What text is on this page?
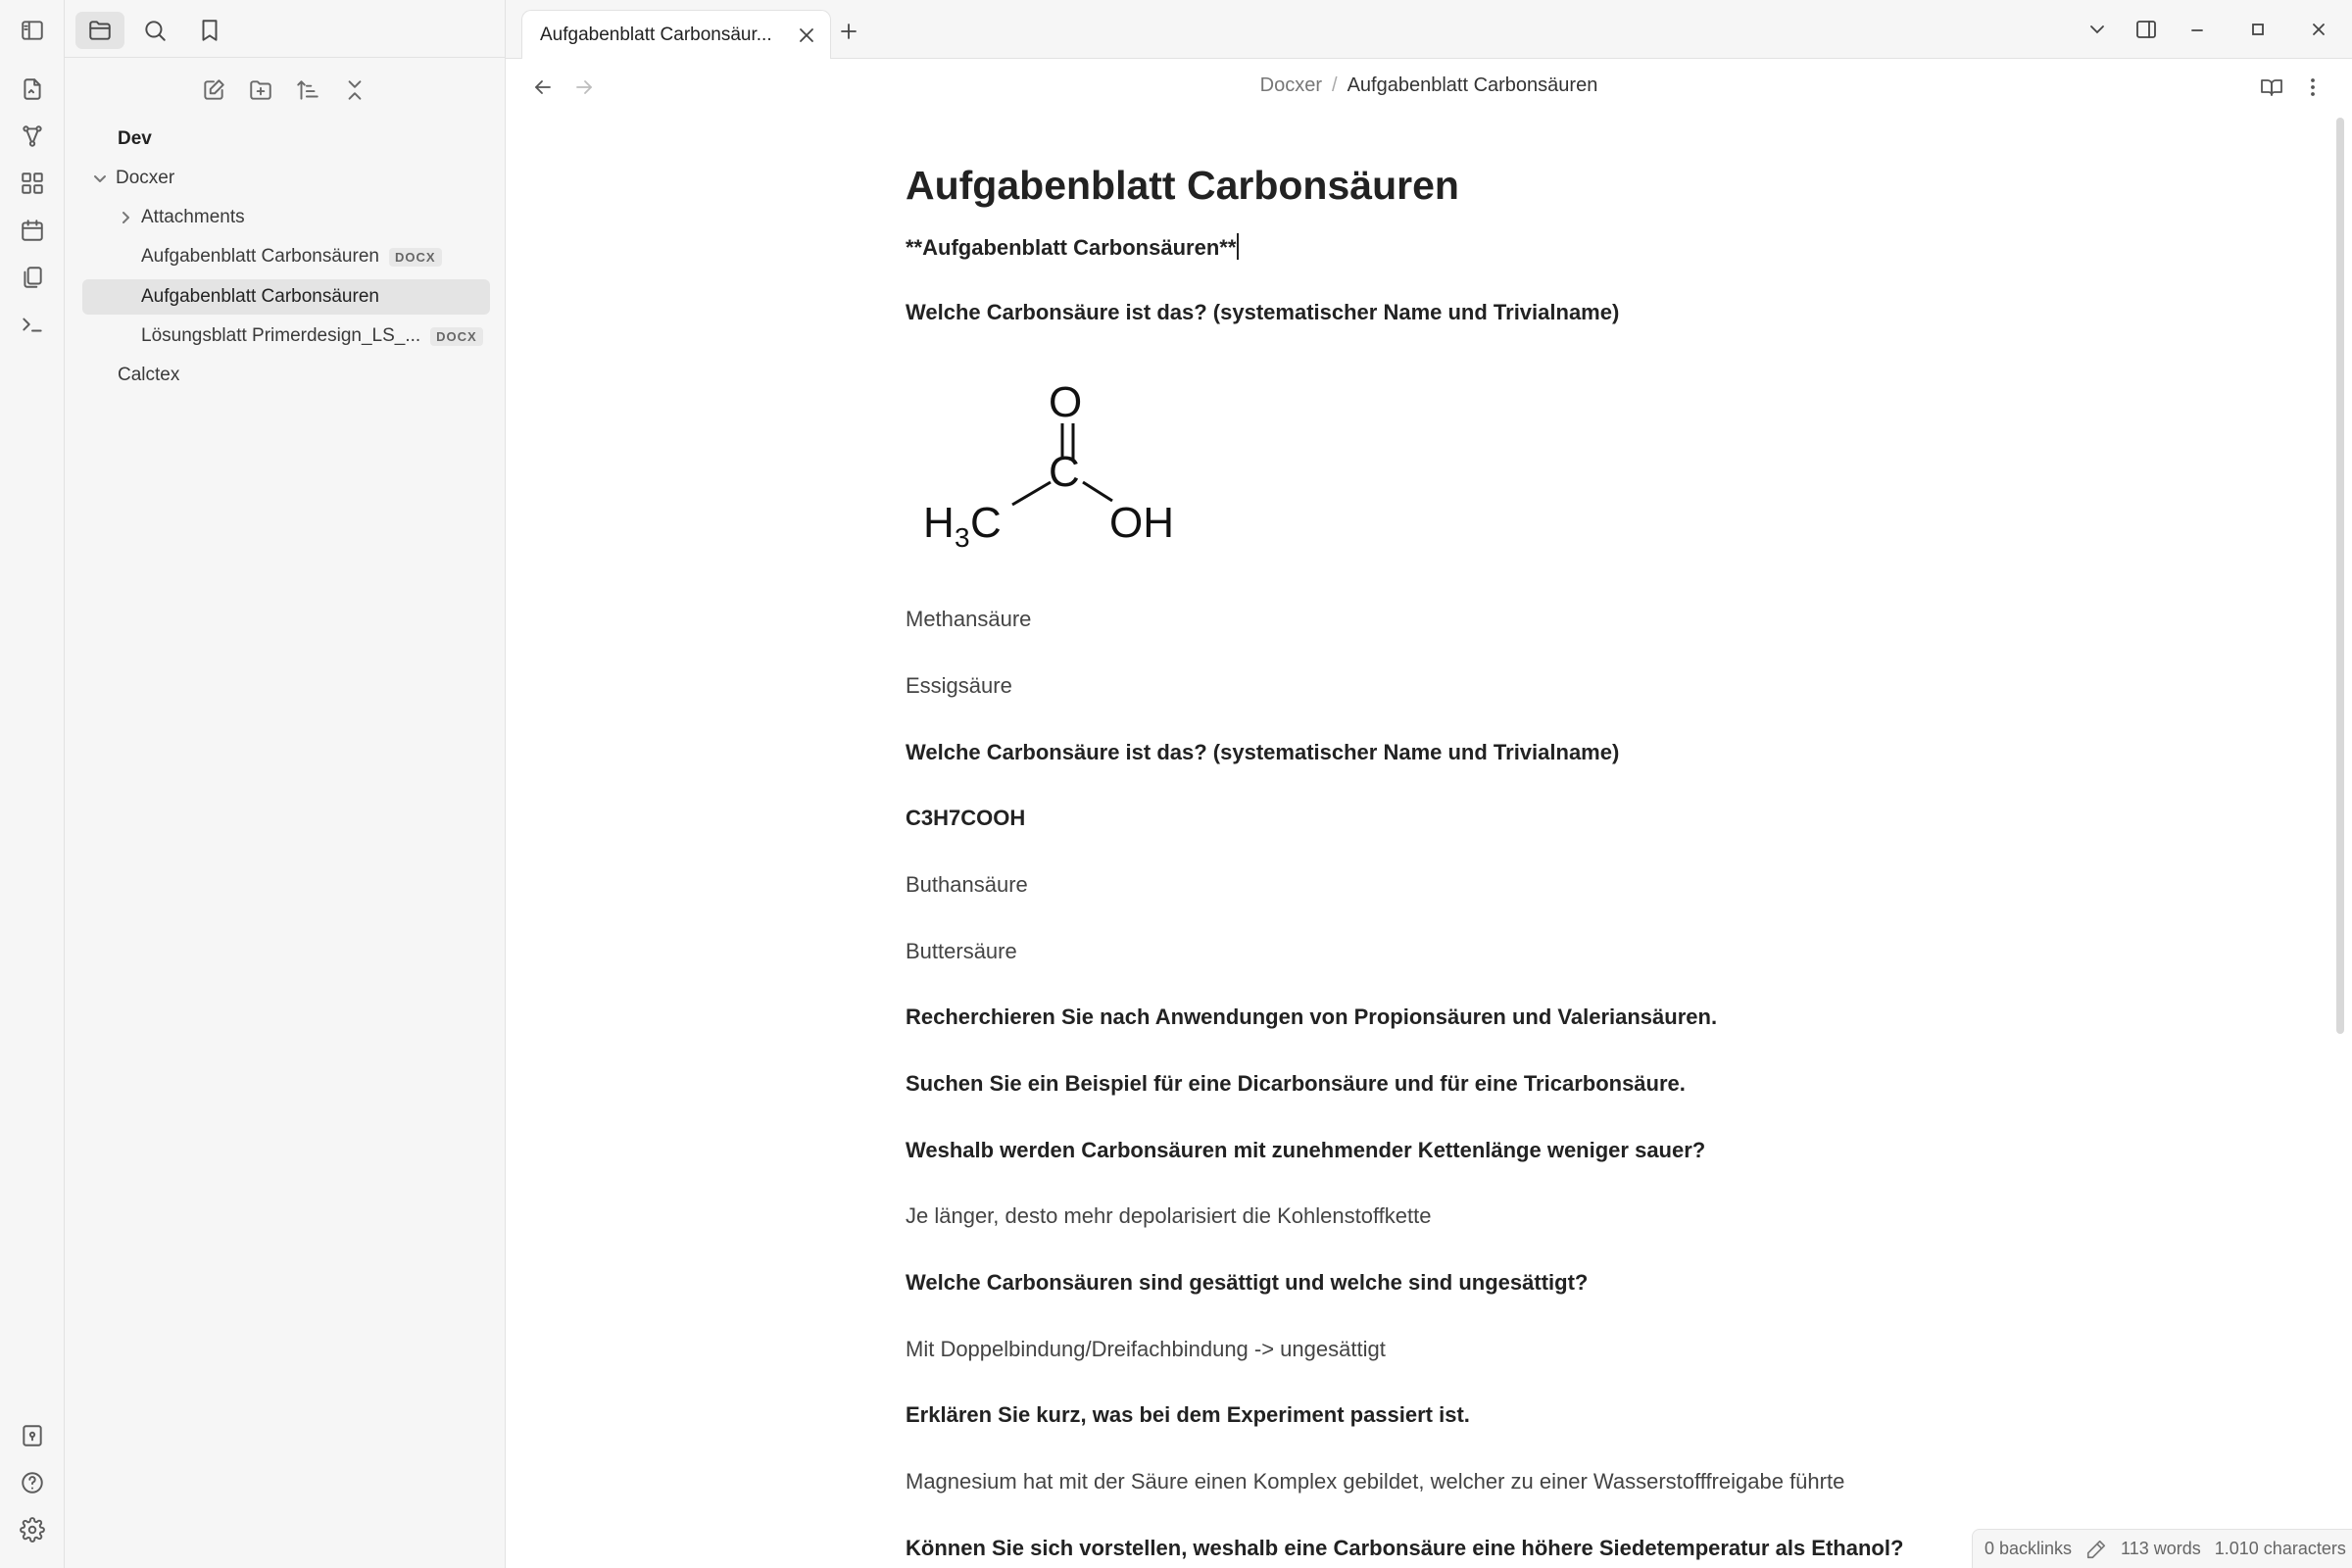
Dev
Docxer
Attachments
Aufgabenblatt Carbonsäuren	DOCX
Aufgabenblatt Carbonsäuren
Lösungsblatt Primerdesign_LS_...	DOCX
Calctex
Aufgabenblatt Carbonsäur...
Docxer / Aufgabenblatt Carbonsäuren
Aufgabenblatt Carbonsäuren
**Aufgabenblatt Carbonsäuren**
Welche Carbonsäure ist das? (systematischer Name und Trivialname)
O
C
H 3 C	OH
Methansäure
Essigsäure
Welche Carbonsäure ist das? (systematischer Name und Trivialname)
C3H7COOH
Buthansäure
Buttersäure
Recherchieren Sie nach Anwendungen von Propionsäuren und Valeriansäuren.
Suchen Sie ein Beispiel für eine Dicarbonsäure und für eine Tricarbonsäure.
Weshalb werden Carbonsäuren mit zunehmender Kettenlänge weniger sauer?
Je länger, desto mehr depolarisiert die Kohlenstoffkette
Welche Carbonsäuren sind gesättigt und welche sind ungesättigt?
Mit Doppelbindung/Dreifachbindung -> ungesättigt
Erklären Sie kurz, was bei dem Experiment passiert ist.
Magnesium hat mit der Säure einen Komplex gebildet, welcher zu einer Wasserstofffreigabe führte
Können Sie sich vorstellen, weshalb eine Carbonsäure eine höhere Siedetemperatur als Ethanol?	0 backlinks	113 words 1.010 characters
